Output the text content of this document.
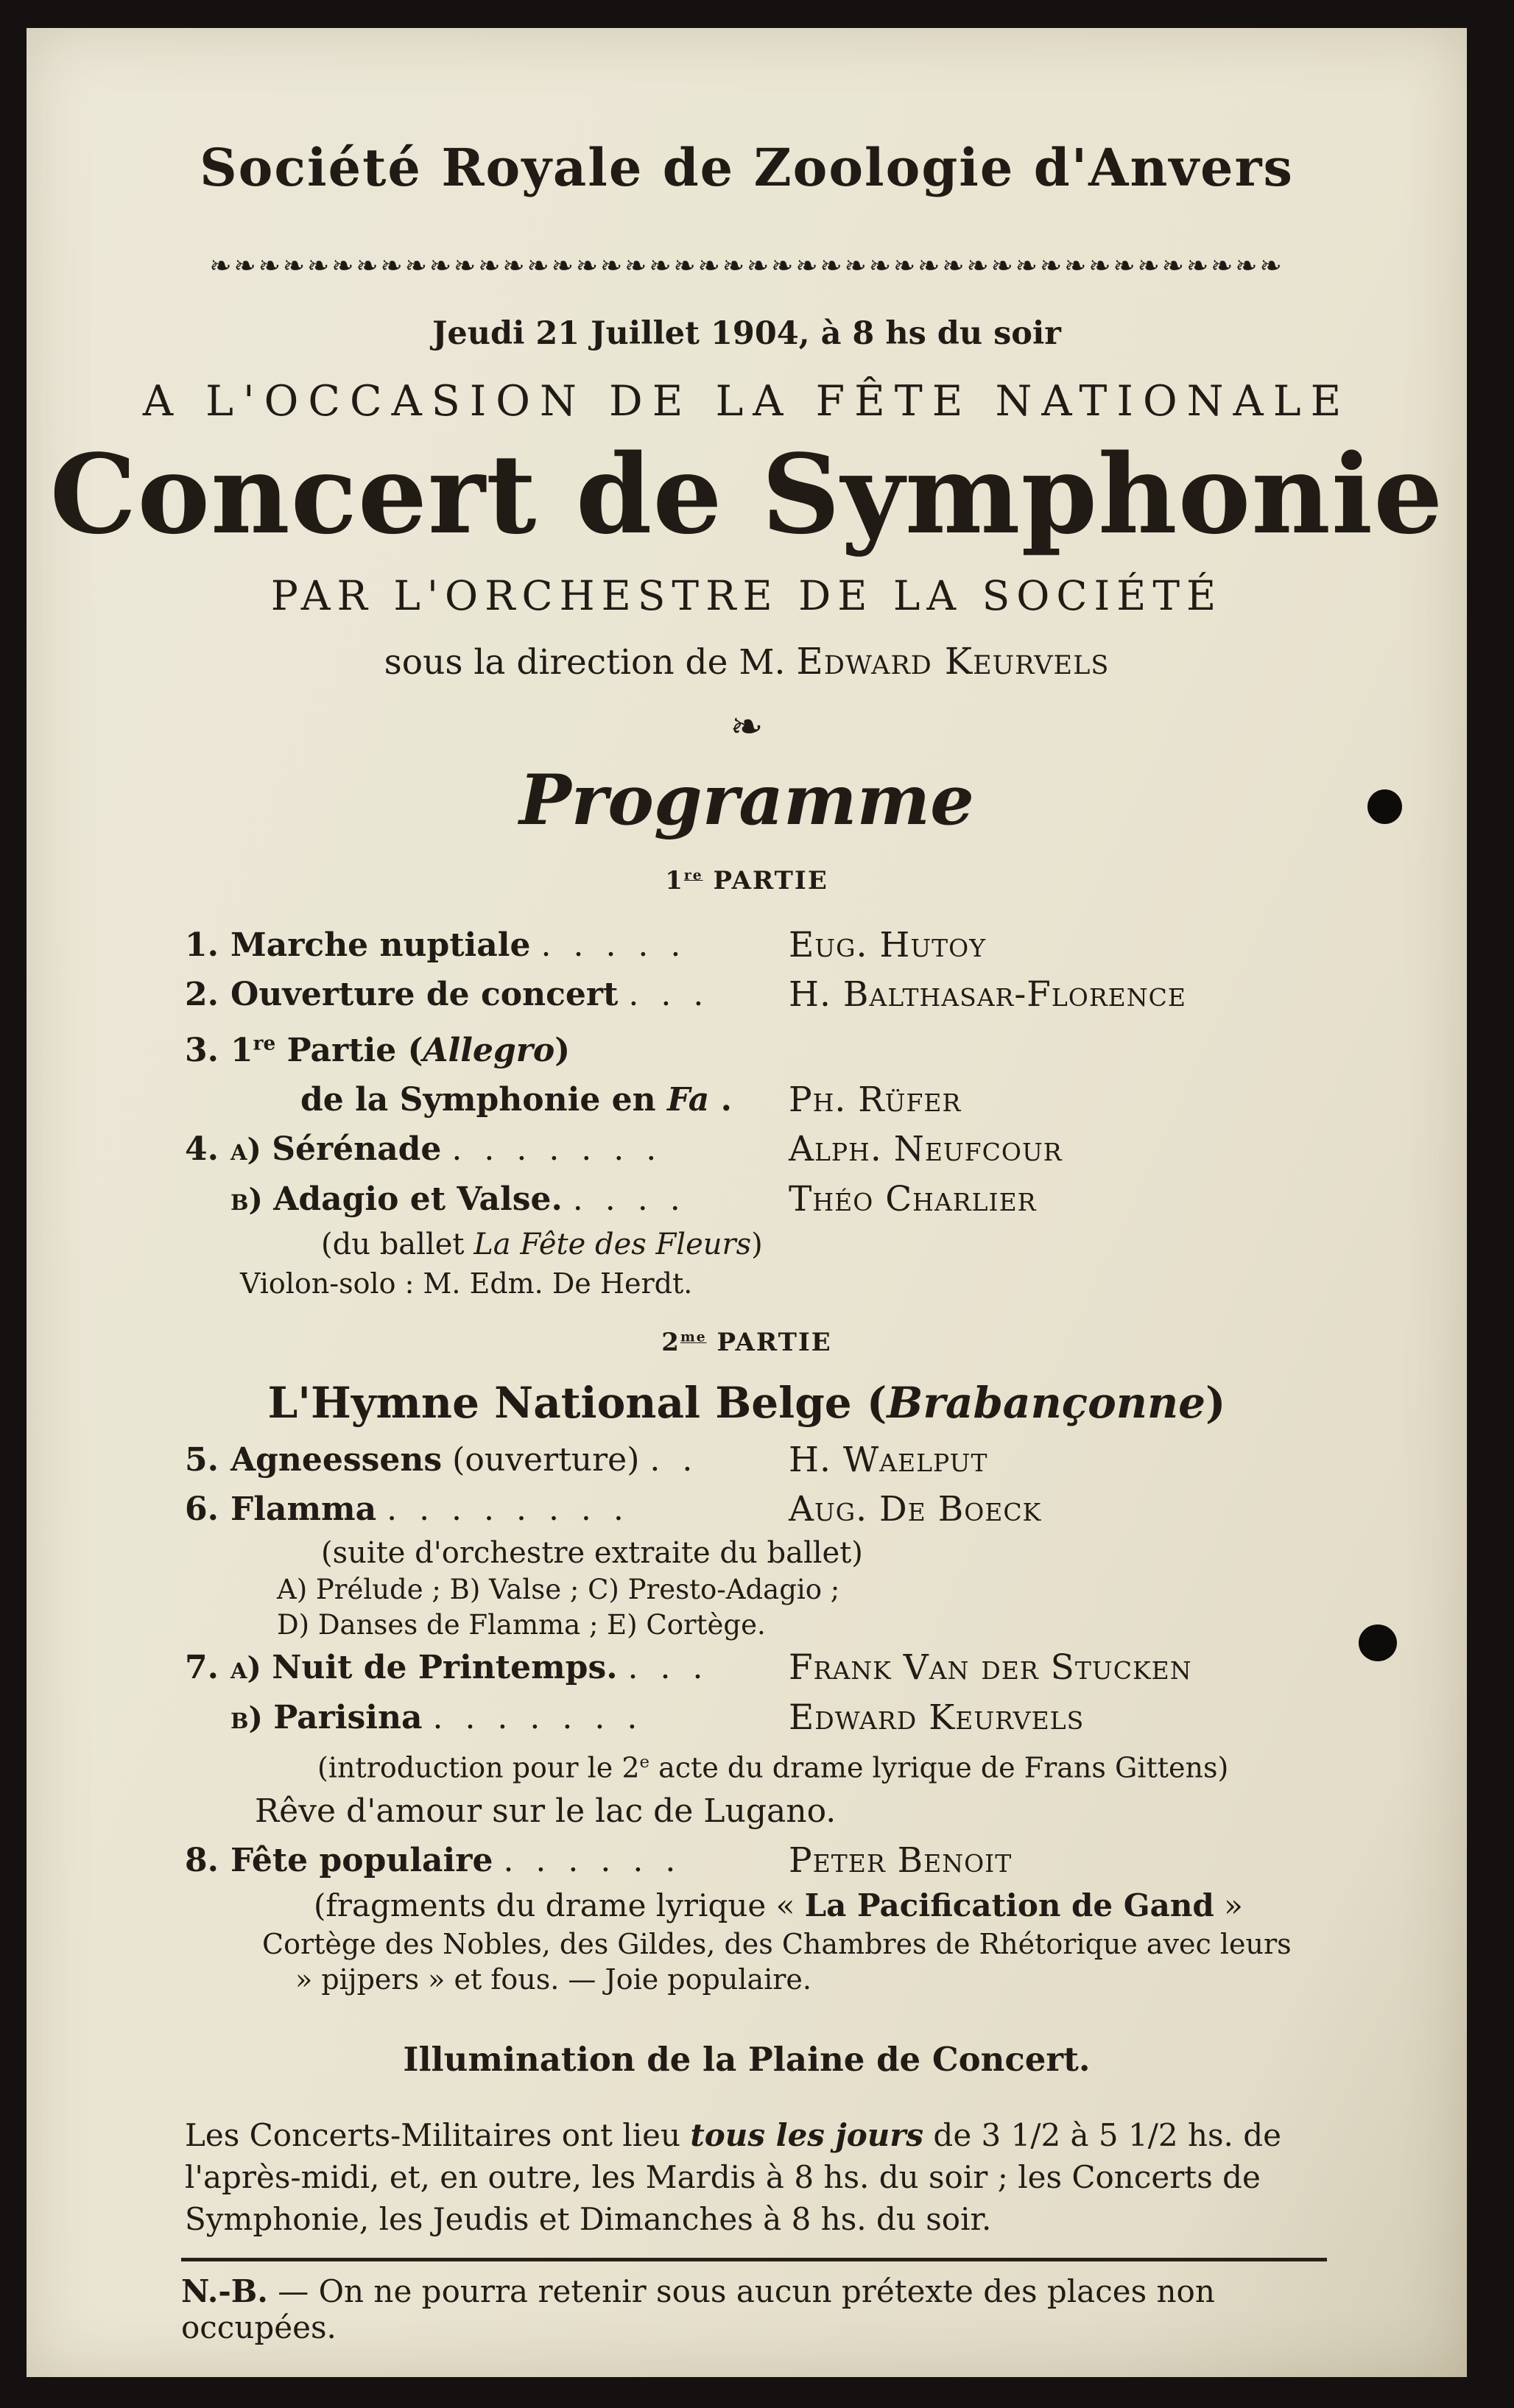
Société Royale de Zoologie d'Anvers
❧❧❧❧❧❧❧❧❧❧❧❧❧❧❧❧❧❧❧❧❧❧❧❧❧❧❧❧❧❧❧❧❧❧❧❧❧❧❧❧❧❧❧❧
Jeudi 21 Juillet 1904, à 8 hs du soir
A L'OCCASION DE LA FÊTE NATIONALE
Concert de Symphonie
PAR L'ORCHESTRE DE LA SOCIÉTÉ
sous la direction de M. Edward Keurvels
❧
Programme
1re PARTIE
1. Marche nuptiale . . . . .	Eug. Hutoy
2. Ouverture de concert . . . H. Balthasar-Florence
3. 1re Partie (Allegro)
de la Symphonie en Fa . Ph. Rüfer
4. a) Sérénade . . . . . . .	Alph. Neufcour
b) Adagio et Valse. . . . .	Théo Charlier
(du ballet La Fête des Fleurs)
Violon-solo : M. Edm. De Herdt.
$2^{me}$ PARTIE
L'Hymne National Belge (Brabançonne)
5. Agneessens (ouverture) . .	H. Waelput
6. Flamma . . . . . . . .	Aug. De Boeck
(suite d'orchestre extraite du ballet)
A) Prélude ; B) Valse ; C) Presto-Adagio ;
D) Danses de Flamma ; E) Cortège.
7. a) Nuit de Printemps. . . . Frank Van der Stucken
b) Parisina . . . . . . .	Edward Keurvels
(introduction pour le 2e acte du drame lyrique de Frans Gittens)
Rêve d'amour sur le lac de Lugano.
8. Fête populaire . . . . . .	Peter Benoit
(fragments du drame lyrique « La Pacification de Gand »
Cortège des Nobles, des Gildes, des Chambres de Rhétorique avec leurs
» pijpers » et fous. — Joie populaire.
Illumination de la Plaine de Concert.
Les Concerts-Militaires ont lieu tous les jours de 3 1/2 à 5 1/2 hs. de l'après-midi, et, en outre, les Mardis à 8 hs. du soir ; les Concerts de Symphonie, les Jeudis et Dimanches à 8 hs. du soir.
N.-B. — On ne pourra retenir sous aucun prétexte des places non occupées.
